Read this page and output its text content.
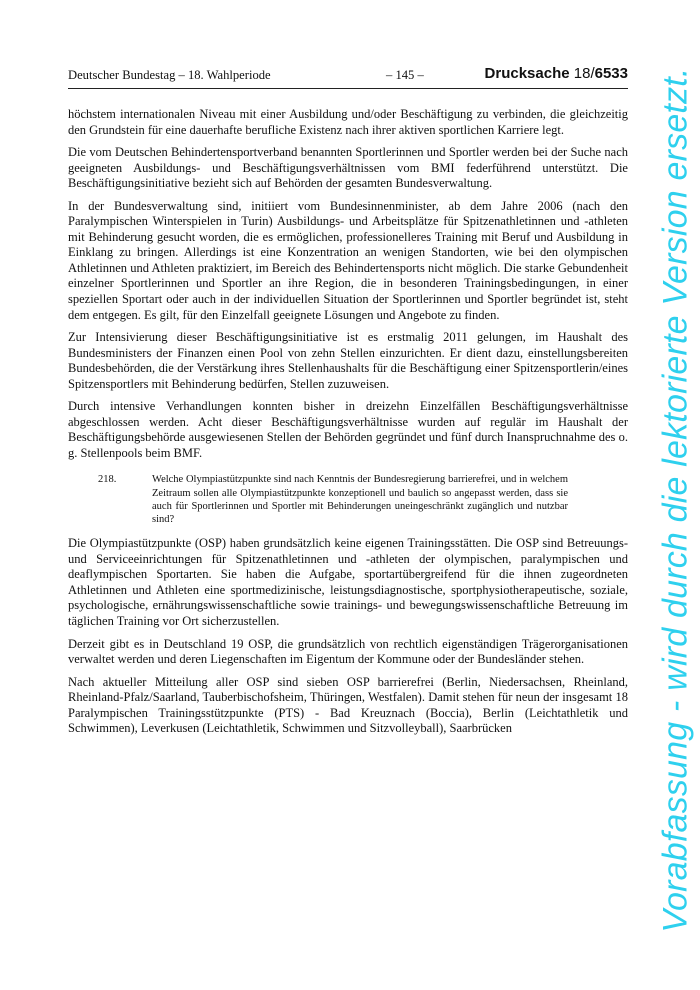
Deutscher Bundestag – 18. Wahlperiode	– 145 –	Drucksache 18/6533

höchstem internationalen Niveau mit einer Ausbildung und/oder Beschäftigung zu verbinden, die gleichzeitig den Grundstein für eine dauerhafte berufliche Existenz nach ihrer aktiven sportlichen Karriere legt.

Die vom Deutschen Behindertensportverband benannten Sportlerinnen und Sportler werden bei der Suche nach geeigneten Ausbildungs- und Beschäftigungsverhältnissen vom BMI federführend unterstützt. Die Beschäftigungsinitiative bezieht sich auf Behörden der gesamten Bundesverwaltung.

In der Bundesverwaltung sind, initiiert vom Bundesinnenminister, ab dem Jahre 2006 (nach den Paralympischen Winterspielen in Turin) Ausbildungs- und Arbeitsplätze für Spitzenathletinnen und -athleten mit Behinderung gesucht worden, die es ermöglichen, professionelleres Training mit Beruf und Ausbildung in Einklang zu bringen. Allerdings ist eine Konzentration an wenigen Standorten, wie bei den olympischen Athletinnen und Athleten praktiziert, im Bereich des Behindertensports nicht möglich. Die starke Gebundenheit einzelner Sportlerinnen und Sportler an ihre Region, die in besonderen Trainingsbedingungen, in einer speziellen Sportart oder auch in der individuellen Situation der Sportlerinnen und Sportler begründet ist, steht dem entgegen. Es gilt, für den Einzelfall geeignete Lösungen und Angebote zu finden.

Zur Intensivierung dieser Beschäftigungsinitiative ist es erstmalig 2011 gelungen, im Haushalt des Bundesministers der Finanzen einen Pool von zehn Stellen einzurichten. Er dient dazu, einstellungsbereiten Bundesbehörden, die der Verstärkung ihres Stellenhaushalts für die Beschäftigung einer Spitzensportlerin/eines Spitzensportlers mit Behinderung bedürfen, Stellen zuzuweisen.

Durch intensive Verhandlungen konnten bisher in dreizehn Einzelfällen Beschäftigungsverhältnisse abgeschlossen werden. Acht dieser Beschäftigungsverhältnisse wurden auf regulär im Haushalt der Beschäftigungsbehörde ausgewiesenen Stellen der Behörden gegründet und fünf durch Inanspruchnahme des o. g. Stellenpools beim BMF.

218.	Welche Olympiastützpunkte sind nach Kenntnis der Bundesregierung barrierefrei, und in welchem Zeitraum sollen alle Olympiastützpunkte konzeptionell und baulich so angepasst werden, dass sie auch für Sportlerinnen und Sportler mit Behinderungen uneingeschränkt zugänglich und nutzbar sind?

Die Olympiastützpunkte (OSP) haben grundsätzlich keine eigenen Trainingsstätten. Die OSP sind Betreuungs- und Serviceeinrichtungen für Spitzenathletinnen und -athleten der olympischen, paralympischen und deaflympischen Sportarten. Sie haben die Aufgabe, sportartübergreifend für die ihnen zugeordneten Athletinnen und Athleten eine sportmedizinische, leistungsdiagnostische, sportphysiotherapeutische, soziale, psychologische, ernährungswissenschaftliche sowie trainings- und bewegungswissenschaftliche Betreuung im täglichen Training vor Ort sicherzustellen.

Derzeit gibt es in Deutschland 19 OSP, die grundsätzlich von rechtlich eigenständigen Trägerorganisationen verwaltet werden und deren Liegenschaften im Eigentum der Kommune oder der Bundesländer stehen.

Nach aktueller Mitteilung aller OSP sind sieben OSP barrierefrei (Berlin, Niedersachsen, Rheinland, Rheinland-Pfalz/Saarland, Tauberbischofsheim, Thüringen, Westfalen). Damit stehen für neun der insgesamt 18 Paralympischen Trainingsstützpunkte (PTS) - Bad Kreuznach (Boccia), Berlin (Leichtathletik und Schwimmen), Leverkusen (Leichtathletik, Schwimmen und Sitzvolleyball), Saarbrücken	Vorabfassung - wird durch die lektorierte Version ersetzt.
